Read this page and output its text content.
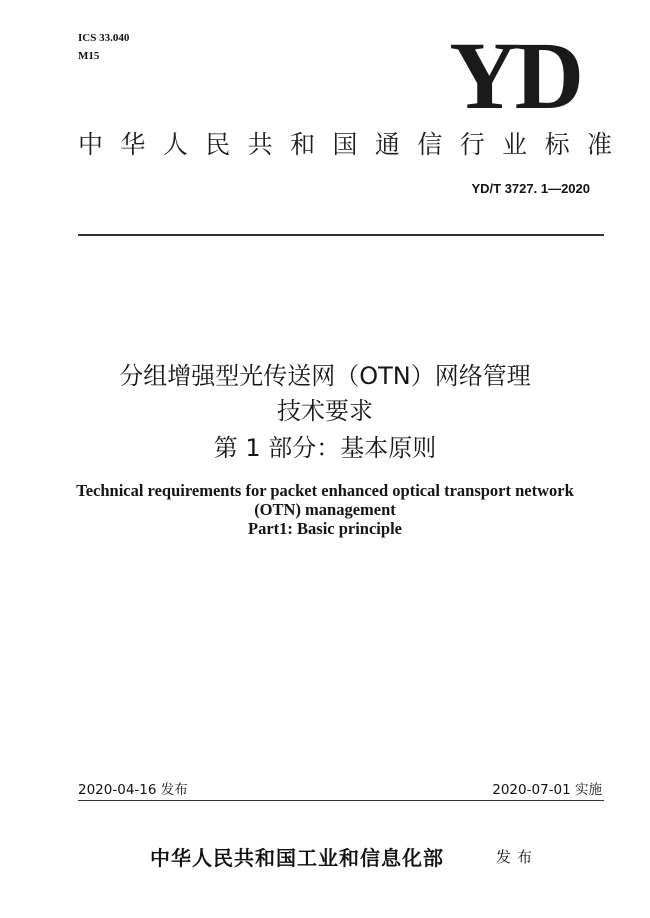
ICS 33.040
M15	YD
中华人民共和国通信行业标准
YD/T 3727. 1—2020
分组增强型光传送网（OTN）网络管理
技术要求
第 1 部分：基本原则
Technical requirements for packet enhanced optical transport network
(OTN) management
Part1: Basic principle
2020-04-16 发布	2020-07-01 实施
中华人民共和国工业和信息化部	发布
